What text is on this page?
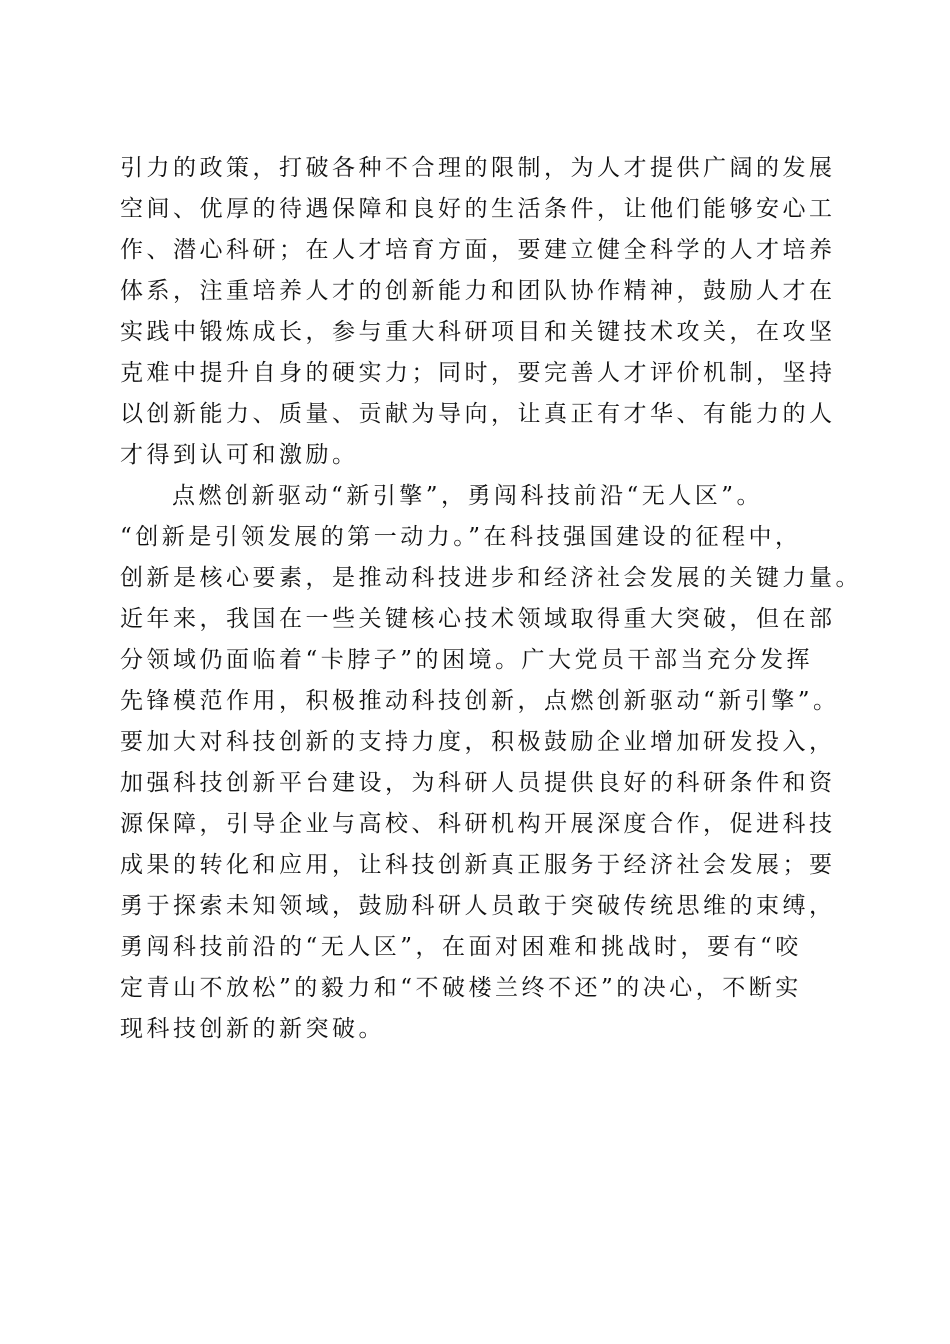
引力的政策，打破各种不合理的限制，为人才提供广阔的发展
空间、优厚的待遇保障和良好的生活条件，让他们能够安心工
作、潜心科研；在人才培育方面，要建立健全科学的人才培养
体系，注重培养人才的创新能力和团队协作精神，鼓励人才在
实践中锻炼成长，参与重大科研项目和关键技术攻关，在攻坚
克难中提升自身的硬实力；同时，要完善人才评价机制，坚持
以创新能力、质量、贡献为导向，让真正有才华、有能力的人
才得到认可和激励。
点燃创新驱动“新引擎”，勇闯科技前沿“无人区”。
“创新是引领发展的第一动力。”在科技强国建设的征程中，
创新是核心要素，是推动科技进步和经济社会发展的关键力量。
近年来，我国在一些关键核心技术领域取得重大突破，但在部
分领域仍面临着“卡脖子”的困境。广大党员干部当充分发挥
先锋模范作用，积极推动科技创新，点燃创新驱动“新引擎”。
要加大对科技创新的支持力度，积极鼓励企业增加研发投入，
加强科技创新平台建设，为科研人员提供良好的科研条件和资
源保障，引导企业与高校、科研机构开展深度合作，促进科技
成果的转化和应用，让科技创新真正服务于经济社会发展；要
勇于探索未知领域，鼓励科研人员敢于突破传统思维的束缚，
勇闯科技前沿的“无人区”，在面对困难和挑战时，要有“咬
定青山不放松”的毅力和“不破楼兰终不还”的决心，不断实
现科技创新的新突破。
